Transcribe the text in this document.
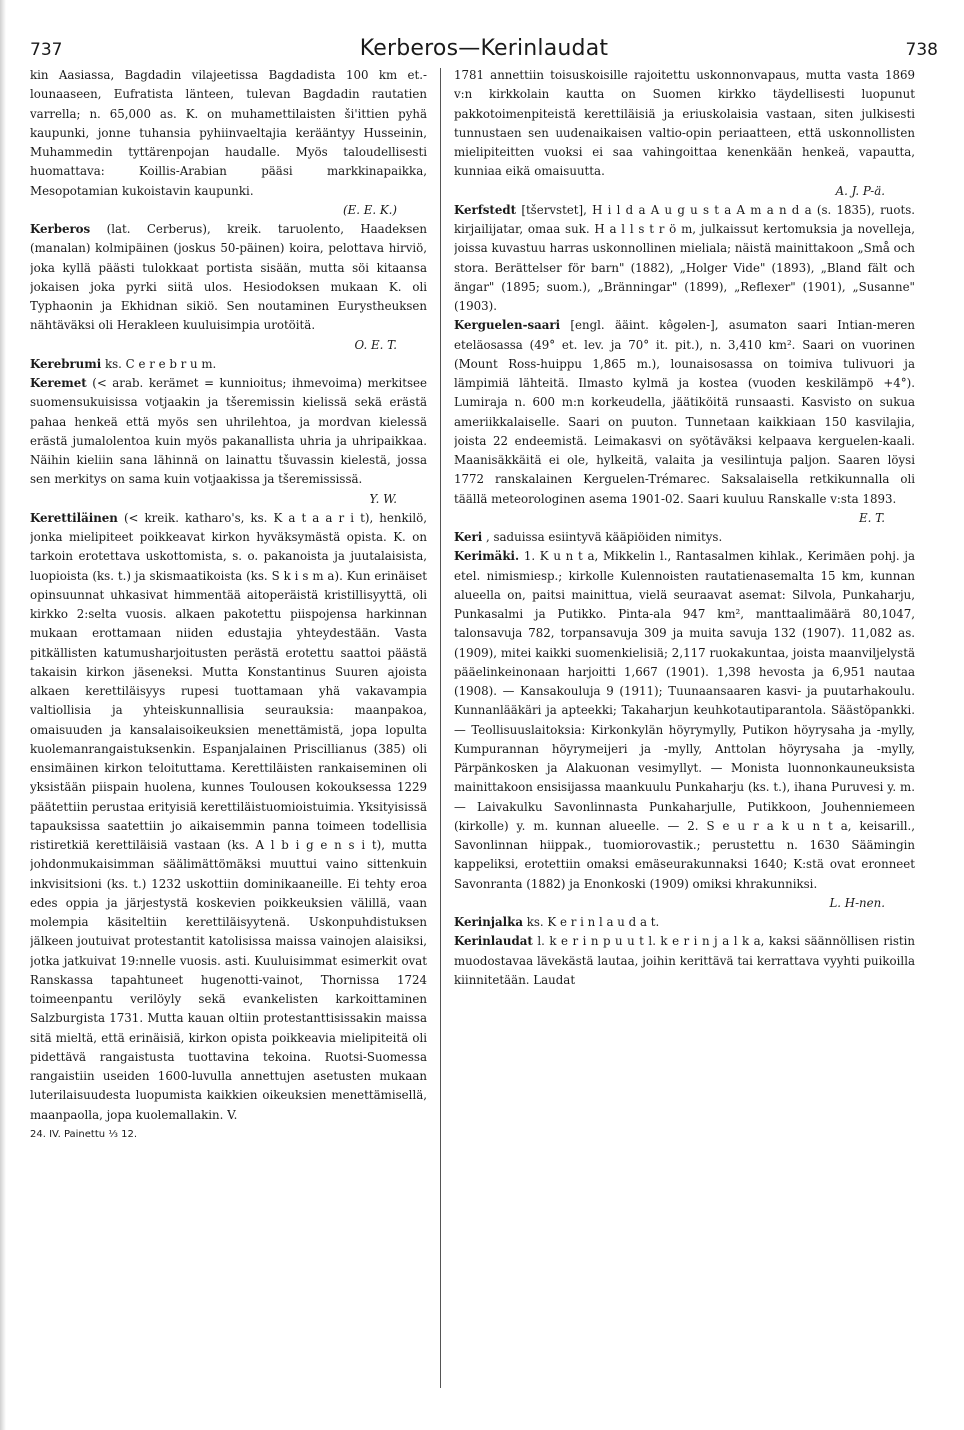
737	Kerberos—Kerinlaudat	738

kin Aasiassa, Bagdadin vilajeetissa Bagdadista 100 km et.-lounaaseen, Eufratista länteen, tulevan Bagdadin rautatien varrella; n. 65,000 as. K. on muhamettilaisten ši'ittien pyhä kaupunki, jonne tuhansia pyhiinvaeltajia kerääntyy Husseinin, Muhammedin tyttärenpojan haudalle. Myös taloudellisesti huomattava: Koillis-Arabian pääsi markkinapaikka, Mesopotamian kukoistavin kaupunki.
(E. E. K.)

Kerberos (lat. Cerberus), kreik. taruolento, Haadeksen (manalan) kolmipäinen (joskus 50-päinen) koira, pelottava hirviö, joka kyllä päästi tulokkaat portista sisään, mutta söi kitaansa jokaisen joka pyrki siitä ulos. Hesiodoksen mukaan K. oli Typhaonin ja Ekhidnan sikiö. Sen noutaminen Eurystheuksen nähtäväksi oli Herakleen kuuluisimpia urotöitä.
O. E. T.

Kerebrumi ks. C e r e b r u m.

Keremet (< arab. kerämet = kunnioitus; ihmevoima) merkitsee suomensukuisissa votjaakin ja tšeremissin kielissä sekä erästä pahaa henkeä että myös sen uhrilehtoa, ja mordvan kielessä erästä jumalolentoa kuin myös pakanallista uhria ja uhripaikkaa. Näihin kieliin sana lähinnä on lainattu tšuvassin kielestä, jossa sen merkitys on sama kuin votjaakissa ja tšeremississä.
Y. W.

Kerettiläinen (< kreik. katharo's, ks. K a t a a r i t), henkilö, jonka mielipiteet poikkeavat kirkon hyväksymästä opista. K. on tarkoin erotettava uskottomista, s. o. pakanoista ja juutalaisista, luopioista (ks. t.) ja skismaatikoista (ks. S k i s m a). Kun erinäiset opinsuunnat uhkasivat himmentää aitoperäistä kristillisyyttä, oli kirkko 2:selta vuosis. alkaen pakotettu piispojensa harkinnan mukaan erottamaan niiden edustajia yhteydestään. Vasta pitkällisten katumusharjoitusten perästä erotettu saattoi päästä takaisin kirkon jäseneksi. Mutta Konstantinus Suuren ajoista alkaen kerettiläisyys rupesi tuottamaan yhä vakavampia valtiollisia ja yhteiskunnallisia seurauksia: maanpakoa, omaisuuden ja kansalaisoikeuksien menettämistä, jopa lopulta kuolemanrangaistuksenkin. Espanjalainen Priscillianus (385) oli ensimäinen kirkon teloituttama. Kerettiläisten rankaiseminen oli yksistään piispain huolena, kunnes Toulousen kokouksessa 1229 päätettiin perustaa erityisiä kerettiläistuomioistuimia. Yksityisissä tapauksissa saatettiin jo aikaisemmin panna toimeen todellisia ristiretkiä kerettiläisiä vastaan (ks. A l b i g e n s i t), mutta johdonmukaisimman säälimättömäksi muuttui vaino sittenkuin inkvisitsioni (ks. t.) 1232 uskottiin dominikaaneille. Ei tehty eroa edes oppia ja järjestystä koskevien poikkeuksien välillä, vaan molempia käsiteltiin kerettiläisyytenä. Uskonpuhdistuksen jälkeen joutuivat protestantit katolisissa maissa vainojen alaisiksi, jotka jatkuivat 19:nnelle vuosis. asti. Kuuluisimmat esimerkit ovat Ranskassa tapahtuneet hugenotti-vainot, Thornissa 1724 toimeenpantu verilöyly sekä evankelisten karkoittaminen Salzburgista 1731. Mutta kauan oltiin protestanttisissakin maissa sitä mieltä, että erinäisiä, kirkon opista poikkeavia mielipiteitä oli pidettävä rangaistusta tuottavina tekoina. Ruotsi-Suomessa rangaistiin useiden 1600-luvulla annettujen asetusten mukaan luterilaisuudesta luopumista kaikkien oikeuksien menettämisellä, maanpaolla, jopa kuolemallakin. V.

24. IV. Painettu ⅓ 12.

1781 annettiin toisuskoisille rajoitettu uskonnonvapaus, mutta vasta 1869 v:n kirkkolain kautta on Suomen kirkko täydellisesti luopunut pakkotoimenpiteistä kerettiläisiä ja eriuskolaisia vastaan, siten julkisesti tunnustaen sen uudenaikaisen valtio-opin periaatteen, että uskonnollisten mielipiteitten vuoksi ei saa vahingoittaa kenenkään henkeä, vapautta, kunniaa eikä omaisuutta.
A. J. P-ä.

Kerfstedt [tšervstet], H i l d a A u g u s t a A m a n d a (s. 1835), ruots. kirjailijatar, omaa suk. H a l l s t r ö m, julkaissut kertomuksia ja novelleja, joissa kuvastuu harras uskonnollinen mieliala; näistä mainittakoon „Små och stora. Berättelser för barn" (1882), „Holger Vide" (1893), „Bland fält och ängar" (1895; suom.), „Bränningar" (1899), „Reflexer" (1901), „Susanne" (1903).

Kerguelen-saari [engl. ääint. kə̂gəlen-], asumaton saari Intian-meren eteläosassa (49° et. lev. ja 70° it. pit.), n. 3,410 km². Saari on vuorinen (Mount Ross-huippu 1,865 m.), lounaisosassa on toimiva tulivuori ja lämpimiä lähteitä. Ilmasto kylmä ja kostea (vuoden keskilämpö +4°). Lumiraja n. 600 m:n korkeudella, jäätiköitä runsaasti. Kasvisto on sukua ameriikkalaiselle. Saari on puuton. Tunnetaan kaikkiaan 150 kasvilajia, joista 22 endeemistä. Leimakasvi on syötäväksi kelpaava kerguelen-kaali. Maanisäkkäitä ei ole, hylkeitä, valaita ja vesilintuja paljon. Saaren löysi 1772 ranskalainen Kerguelen-Trémarec. Saksalaisella retkikunnalla oli täällä meteorologinen asema 1901-02. Saari kuuluu Ranskalle v:sta 1893.
E. T.

Keri , saduissa esiintyvä kääpiöiden nimitys.

Kerimäki. 1. K u n t a, Mikkelin l., Rantasalmen kihlak., Kerimäen pohj. ja etel. nimismiesp.; kirkolle Kulennoisten rautatienasemalta 15 km, kunnan alueella on, paitsi mainittua, vielä seuraavat asemat: Silvola, Punkaharju, Punkasalmi ja Putikko. Pinta-ala 947 km², manttaalimäärä 80,1047, talonsavuja 782, torpansavuja 309 ja muita savuja 132 (1907). 11,082 as. (1909), mitei kaikki suomenkielisiä; 2,117 ruokakuntaa, joista maanviljelystä pääelinkeinonaan harjoitti 1,667 (1901). 1,398 hevosta ja 6,951 nautaa (1908). — Kansakouluja 9 (1911); Tuunaansaaren kasvi- ja puutarhakoulu. Kunnanlääkäri ja apteekki; Takaharjun keuhkotautiparantola. Säästöpankki. — Teollisuuslaitoksia: Kirkonkylän höyrymylly, Putikon höyrysaha ja -mylly, Kumpurannan höyrymeijeri ja -mylly, Anttolan höyrysaha ja -mylly, Pärpänkosken ja Alakuonan vesimyllyt. — Monista luonnonkauneuksista mainittakoon ensisijassa maankuulu Punkaharju (ks. t.), ihana Puruvesi y. m. — Laivakulku Savonlinnasta Punkaharjulle, Putikkoon, Jouhenniemeen (kirkolle) y. m. kunnan alueelle. — 2. S e u r a k u n t a, keisarill., Savonlinnan hiippak., tuomiorovastik.; perustettu n. 1630 Säämingin kappeliksi, erotettiin omaksi emäseurakunnaksi 1640; K:stä ovat eronneet Savonranta (1882) ja Enonkoski (1909) omiksi khrakunniksi.
L. H-nen.

Kerinjalka ks. K e r i n l a u d a t.

Kerinlaudat l. k e r i n p u u t l. k e r i n j a l k a, kaksi säännöllisen ristin muodostavaa lävekästä lautaa, joihin kerittävä tai kerrattava vyyhti puikoilla kiinnitetään. Laudat
